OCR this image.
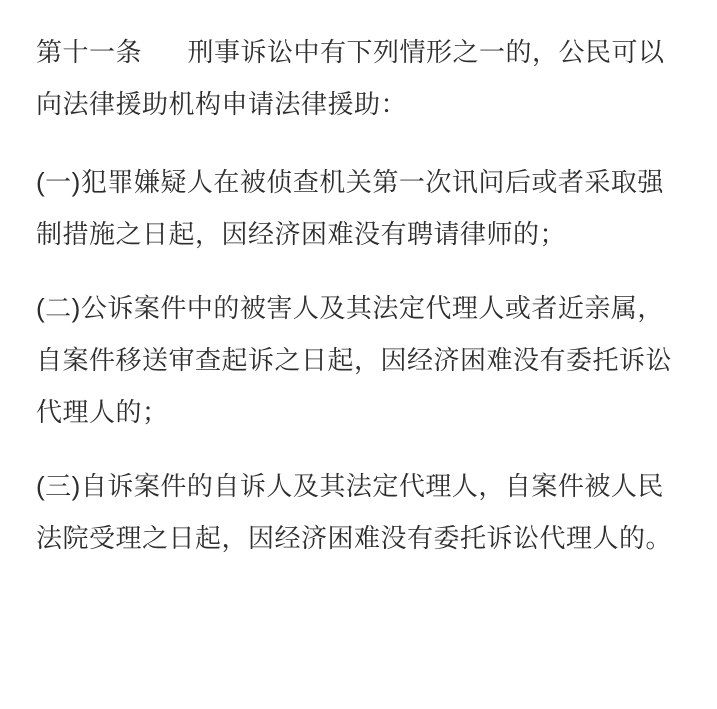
第十一条 刑事诉讼中有下列情形之一的，公民可以向法律援助机构申请法律援助：

(一)犯罪嫌疑人在被侦查机关第一次讯问后或者采取强制措施之日起，因经济困难没有聘请律师的；

(二)公诉案件中的被害人及其法定代理人或者近亲属，自案件移送审查起诉之日起，因经济困难没有委托诉讼代理人的；

(三)自诉案件的自诉人及其法定代理人，自案件被人民法院受理之日起，因经济困难没有委托诉讼代理人的。
